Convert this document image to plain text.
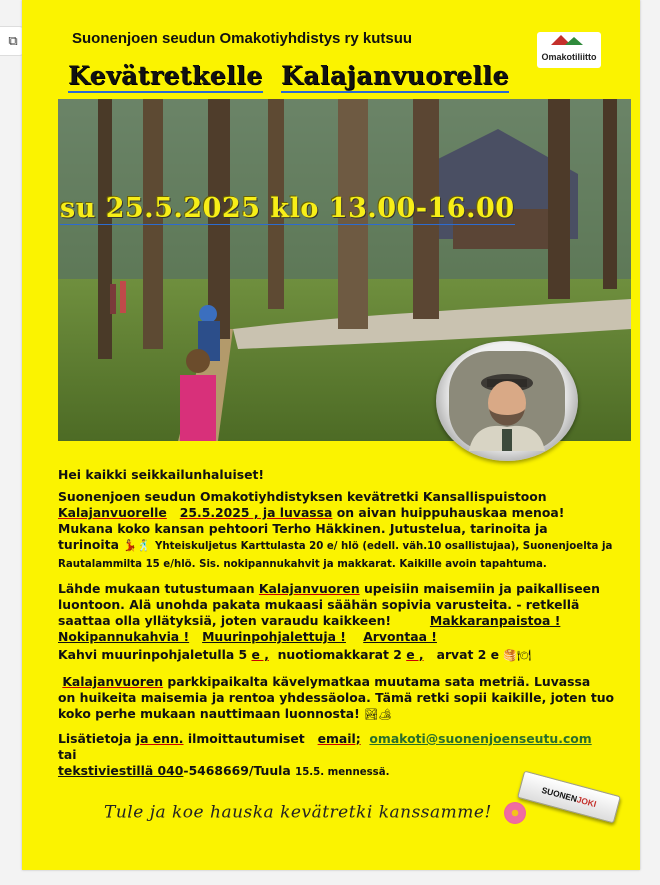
⧉	Suonenjoen seudun Omakotiyhdistys ry kutsuu
Kevätretkelle Kalajanvuorelle
Omakotiliitto
su 25.5.2025 klo 13.00-16.00

Hei kaikki seikkailunhaluiset!

Suonenjoen seudun Omakotiyhdistyksen kevätretki Kansallispuistoon
Kalajanvuorelle 25.5.2025 , ja luvassa on aivan huippuhauskaa menoa!
Mukana koko kansan pehtoori Terho Häkkinen. Jutustelua, tarinoita ja
turinoita 💃🕺 Yhteiskuljetus Karttulasta 20 e/ hlö (edell. väh.10 osallistujaa), Suonenjoelta ja
Rautalammilta 15 e/hlö. Sis. nokipannukahvit ja makkarat. Kaikille avoin tapahtuma.

Lähde mukaan tutustumaan Kalajanvuoren upeisiin maisemiin ja paikalliseen
luontoon. Alä unohda pakata mukaasi säähän sopivia varusteita. - retkellä
saattaa olla yllätyksiä, joten varaudu kaikkeen!	Makkaranpaistoa !
Nokipannukahvia ! Muurinpohjalettuja ! Arvontaa !

Kahvi muurinpohjaletulla 5 e , nuotiomakkarat 2 e , arvat 2 e 🥞🍽

Kalajanvuoren parkkipaikalta kävelymatkaa muutama sata metriä. Luvassa
on huikeita maisemia ja rentoa yhdessäoloa. Tämä retki sopii kaikille, joten tuo
koko perhe mukaan nauttimaan luonnosta! 🏞🏕

Lisätietoja ja enn. ilmoittautumiset email; omakoti@suonenjoenseutu.com  tai
tekstiviestillä 040-5468669/Tuula 15.5. mennessä.

Tule ja koe hauska kevätretki kanssamme!
SUONENJOKI
